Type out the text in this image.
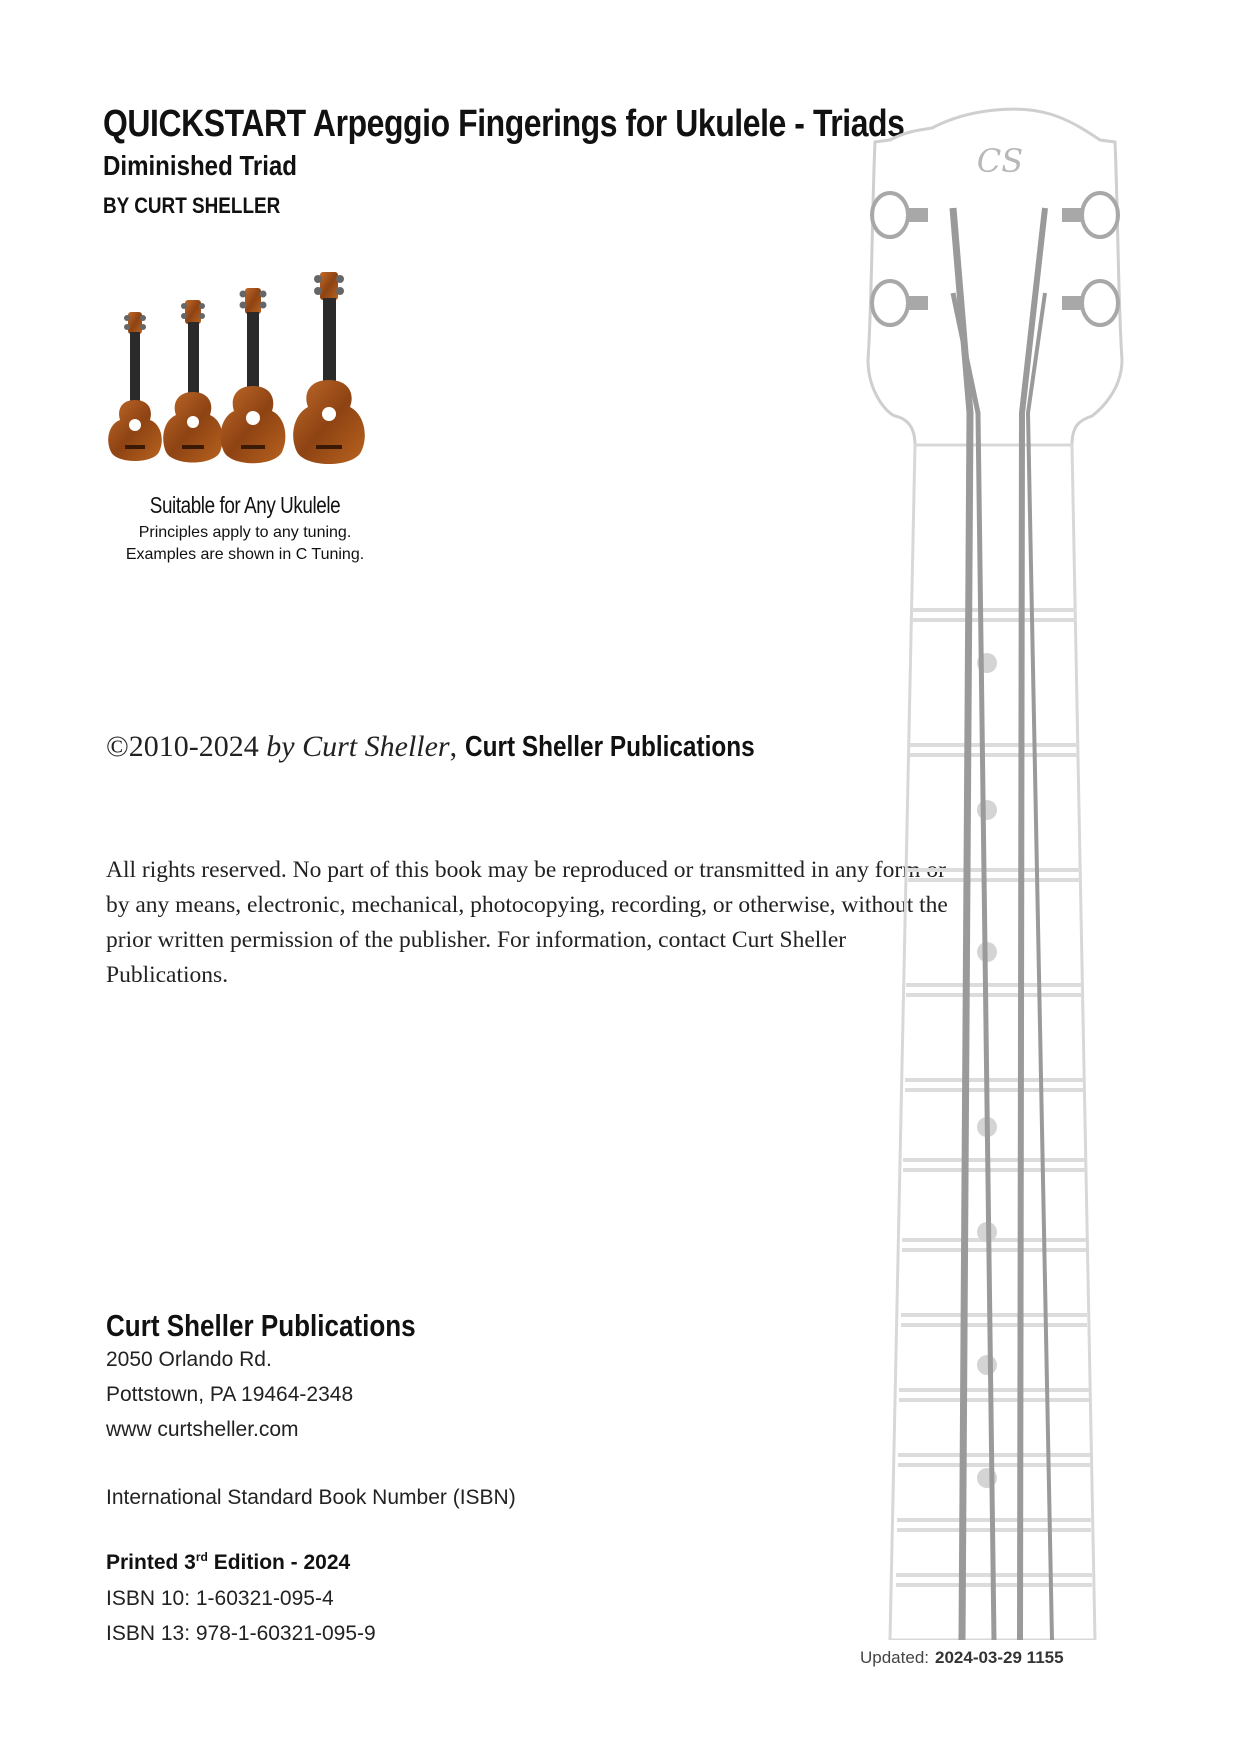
QUICKSTART Arpeggio Fingerings for Ukulele - Triads
Diminished Triad
BY CURT SHELLER
Suitable for Any Ukulele
Principles apply to any tuning.
Examples are shown in C Tuning.
©2010-2024 by Curt Sheller, Curt Sheller Publications
All rights reserved. No part of this book may be reproduced or transmitted in any form or by any means, electronic, mechanical, photocopying, recording, or otherwise, without the prior written permission of the publisher. For information, contact Curt Sheller Publications.
Curt Sheller Publications
2050 Orlando Rd.
Pottstown, PA 19464-2348
www curtsheller.com
International Standard Book Number (ISBN)
Printed 3rd Edition - 2024
ISBN 10: 1-60321-095-4
ISBN 13: 978-1-60321-095-9
Updated: 2024-03-29 1155
CS
